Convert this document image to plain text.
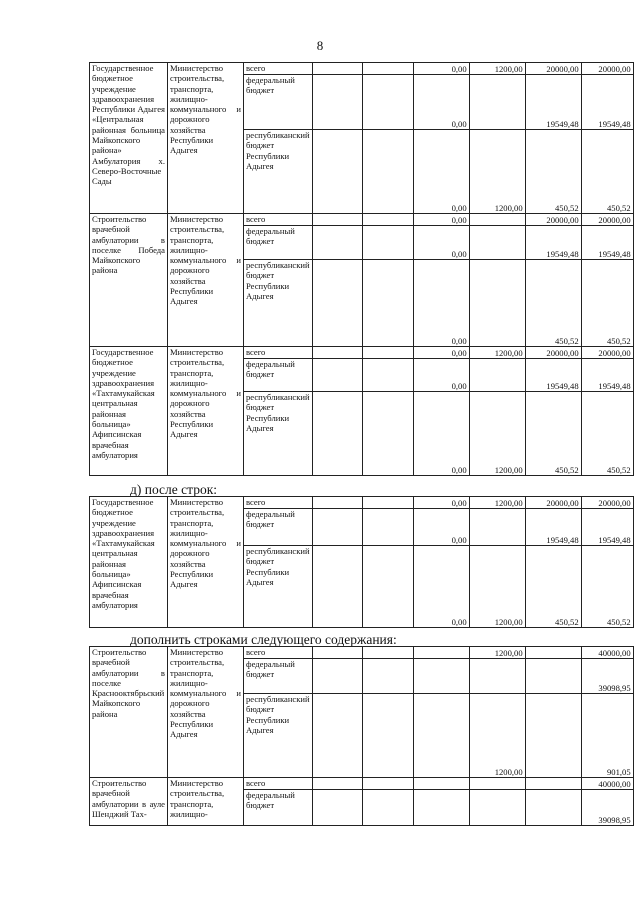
8
Государственное бюджетное учреждение здравоохранения Республики Адыгея «Центральная районная больница Майкопского района» Амбулатория х. Северо-Восточные Сады	Министерство строительства, транспорта, жилищно-коммунального и дорожного хозяйства Республики Адыгея	всего			0,00	1200,00	20000,00	20000,00
		федеральный бюджет			0,00		19549,48	19549,48
		республиканский бюджет Республики Адыгея			0,00	1200,00	450,52	450,52
Строительство врачебной амбулатории в поселке Победа Майкопского района	Министерство строительства, транспорта, жилищно-коммунального и дорожного хозяйства Республики Адыгея	всего			0,00		20000,00	20000,00
		федеральный бюджет			0,00		19549,48	19549,48
		республиканский бюджет Республики Адыгея			0,00		450,52	450,52
Государственное бюджетное учреждение здравоохранения «Тахтамукайская центральная районная больница» Афипсинская врачебная амбулатория	Министерство строительства, транспорта, жилищно-коммунального и дорожного хозяйства Республики Адыгея	всего			0,00	1200,00	20000,00	20000,00
		федеральный бюджет			0,00		19549,48	19549,48
		республиканский бюджет Республики Адыгея			0,00	1200,00	450,52	450,52
д) после строк:
Государственное бюджетное учреждение здравоохранения «Тахтамукайская центральная районная больница» Афипсинская врачебная амбулатория	Министерство строительства, транспорта, жилищно-коммунального и дорожного хозяйства Республики Адыгея	всего			0,00	1200,00	20000,00	20000,00
		федеральный бюджет			0,00		19549,48	19549,48
		республиканский бюджет Республики Адыгея			0,00	1200,00	450,52	450,52
дополнить строками следующего содержания:
Строительство врачебной амбулатории в поселке Краснооктябрьский Майкопского района	Министерство строительства, транспорта, жилищно-коммунального и дорожного хозяйства Республики Адыгея	всего				1200,00		40000,00
		федеральный бюджет						39098,95
		республиканский бюджет Республики Адыгея				1200,00		901,05
Строительство врачебной амбулатории в ауле Шенджий Тах-	Министерство строительства, транспорта, жилищно-	всего						40000,00
		федеральный бюджет						39098,95
